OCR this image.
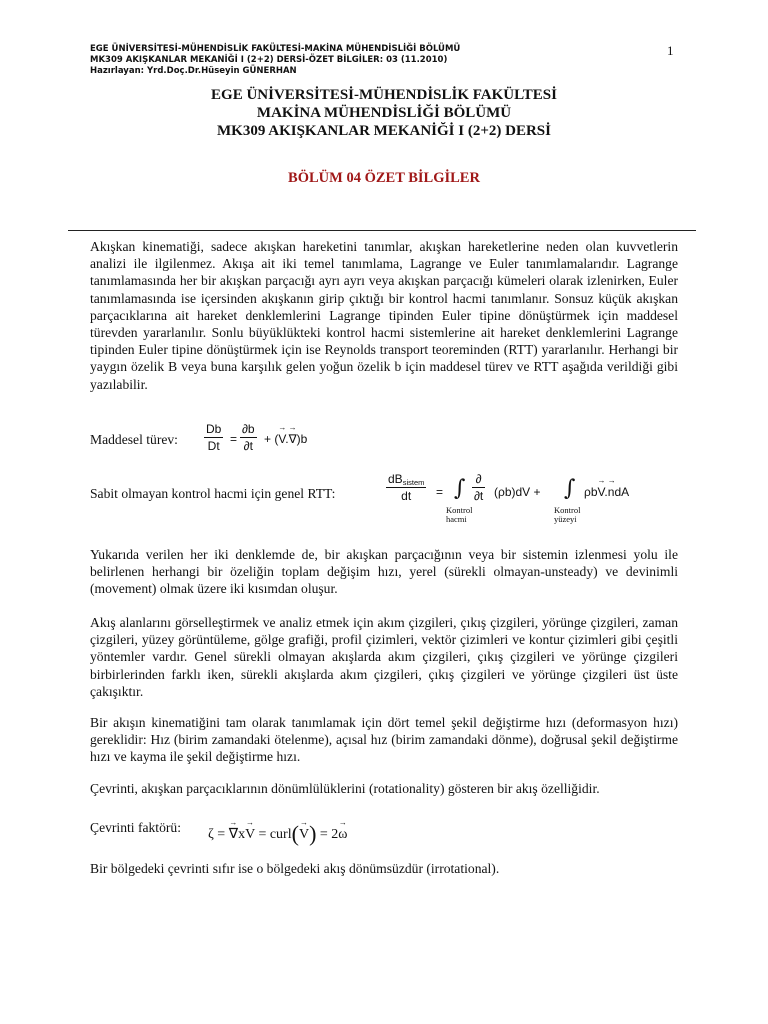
EGE ÜNİVERSİTESİ-MÜHENDİSLİK FAKÜLTESİ-MAKİNA MÜHENDİSLİĞİ BÖLÜMÜ
MK309 AKIŞKANLAR MEKANİĞİ I (2+2) DERSİ-ÖZET BİLGİLER: 03 (11.2010)
Hazırlayan: Yrd.Doç.Dr.Hüseyin GÜNERHAN
1
EGE ÜNİVERSİTESİ-MÜHENDİSLİK FAKÜLTESİ
MAKİNA MÜHENDİSLİĞİ BÖLÜMÜ
MK309 AKIŞKANLAR MEKANİĞİ I (2+2) DERSİ
BÖLÜM 04 ÖZET BİLGİLER

Akışkan kinematiği, sadece akışkan hareketini tanımlar, akışkan hareketlerine neden olan kuvvetlerin analizi ile ilgilenmez. Akışa ait iki temel tanımlama, Lagrange ve Euler tanımlamalarıdır. Lagrange tanımlamasında her bir akışkan parçacığı ayrı ayrı veya akışkan parçacığı kümeleri olarak izlenirken, Euler tanımlamasında ise içersinden akışkanın girip çıktığı bir kontrol hacmi tanımlanır. Sonsuz küçük akışkan parçacıklarına ait hareket denklemlerini Lagrange tipinden Euler tipine dönüştürmek için maddesel türevden yararlanılır. Sonlu büyüklükteki kontrol hacmi sistemlerine ait hareket denklemlerini Lagrange tipinden Euler tipine dönüştürmek için ise Reynolds transport teoreminden (RTT) yararlanılır. Herhangi bir yaygın özelik B veya buna karşılık gelen yoğun özelik b için maddesel türev ve RTT aşağıda verildiği gibi yazılabilir.

Maddesel türev: $\frac{Db}{Dt} = \frac{\partial b}{\partial t}$ + (→ V.→ ∇)b
Sabit olmayan kontrol hacmi için genel RTT:
dBsistem
dt	= ∫
Kontrol
hacmi
∂
∂t (ρb)dV + ∫
Kontrol
yüzeyi
ρb→ V.→ ndA

Yukarıda verilen her iki denklemde de, bir akışkan parçacığının veya bir sistemin izlenmesi yolu ile belirlenen herhangi bir özeliğin toplam değişim hızı, yerel (sürekli olmayan-unsteady) ve devinimli (movement) olmak üzere iki kısımdan oluşur.

Akış alanlarını görselleştirmek ve analiz etmek için akım çizgileri, çıkış çizgileri, yörünge çizgileri, zaman çizgileri, yüzey görüntüleme, gölge grafiği, profil çizimleri, vektör çizimleri ve kontur çizimleri gibi çeşitli yöntemler vardır. Genel sürekli olmayan akışlarda akım çizgileri, çıkış çizgileri ve yörünge çizgileri birbirlerinden farklı iken, sürekli akışlarda akım çizgileri, çıkış çizgileri ve yörünge çizgileri üst üste çakışıktır.

Bir akışın kinematiğini tam olarak tanımlamak için dört temel şekil değiştirme hızı (deformasyon hızı) gereklidir: Hız (birim zamandaki ötelenme), açısal hız (birim zamandaki dönme), doğrusal şekil değiştirme hızı ve kayma ile şekil değiştirme hızı.

Çevrinti, akışkan parçacıklarının dönümlülüklerini (rotationality) gösteren bir akış özelliğidir.

Çevrinti faktörü: ζ = → ∇x→ V = curl(→ V) = 2→ ω

Bir bölgedeki çevrinti sıfır ise o bölgedeki akış dönümsüzdür (irrotational).
